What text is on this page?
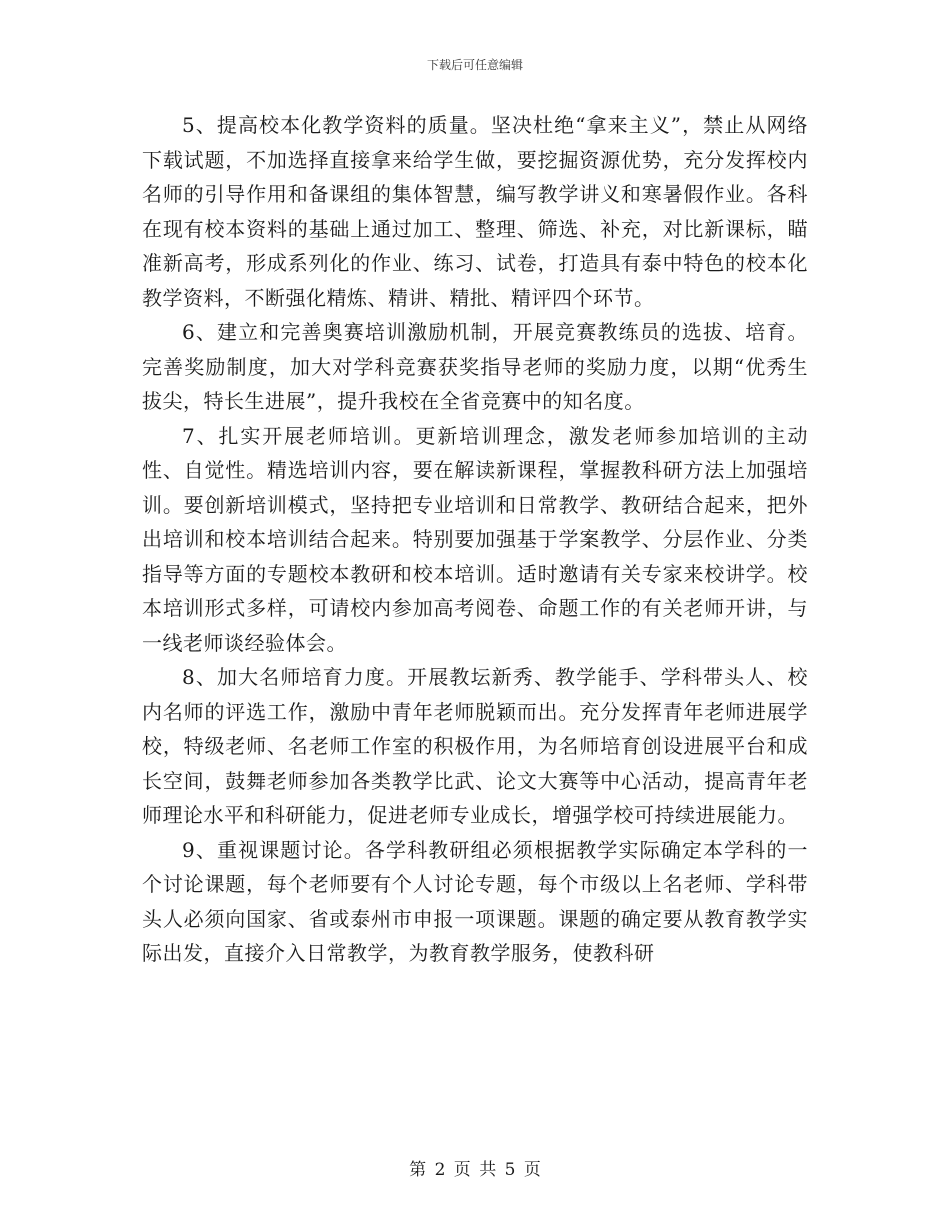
下载后可任意编辑

5、提高校本化教学资料的质量。坚决杜绝“拿来主义”，禁止从网络下载试题，不加选择直接拿来给学生做，要挖掘资源优势，充分发挥校内名师的引导作用和备课组的集体智慧，编写教学讲义和寒暑假作业。各科在现有校本资料的基础上通过加工、整理、筛选、补充，对比新课标，瞄准新高考，形成系列化的作业、练习、试卷，打造具有泰中特色的校本化教学资料，不断强化精炼、精讲、精批、精评四个环节。

6、建立和完善奥赛培训激励机制，开展竞赛教练员的选拔、培育。完善奖励制度，加大对学科竞赛获奖指导老师的奖励力度，以期“优秀生拔尖，特长生进展”，提升我校在全省竞赛中的知名度。

7、扎实开展老师培训。更新培训理念，激发老师参加培训的主动性、自觉性。精选培训内容，要在解读新课程，掌握教科研方法上加强培训。要创新培训模式，坚持把专业培训和日常教学、教研结合起来，把外出培训和校本培训结合起来。特别要加强基于学案教学、分层作业、分类指导等方面的专题校本教研和校本培训。适时邀请有关专家来校讲学。校本培训形式多样，可请校内参加高考阅卷、命题工作的有关老师开讲，与一线老师谈经验体会。

8、加大名师培育力度。开展教坛新秀、教学能手、学科带头人、校内名师的评选工作，激励中青年老师脱颖而出。充分发挥青年老师进展学校，特级老师、名老师工作室的积极作用，为名师培育创设进展平台和成长空间，鼓舞老师参加各类教学比武、论文大赛等中心活动，提高青年老师理论水平和科研能力，促进老师专业成长，增强学校可持续进展能力。

9、重视课题讨论。各学科教研组必须根据教学实际确定本学科的一个讨论课题，每个老师要有个人讨论专题，每个市级以上名老师、学科带头人必须向国家、省或泰州市申报一项课题。课题的确定要从教育教学实际出发，直接介入日常教学，为教育教学服务，使教科研

第 2 页 共 5 页
